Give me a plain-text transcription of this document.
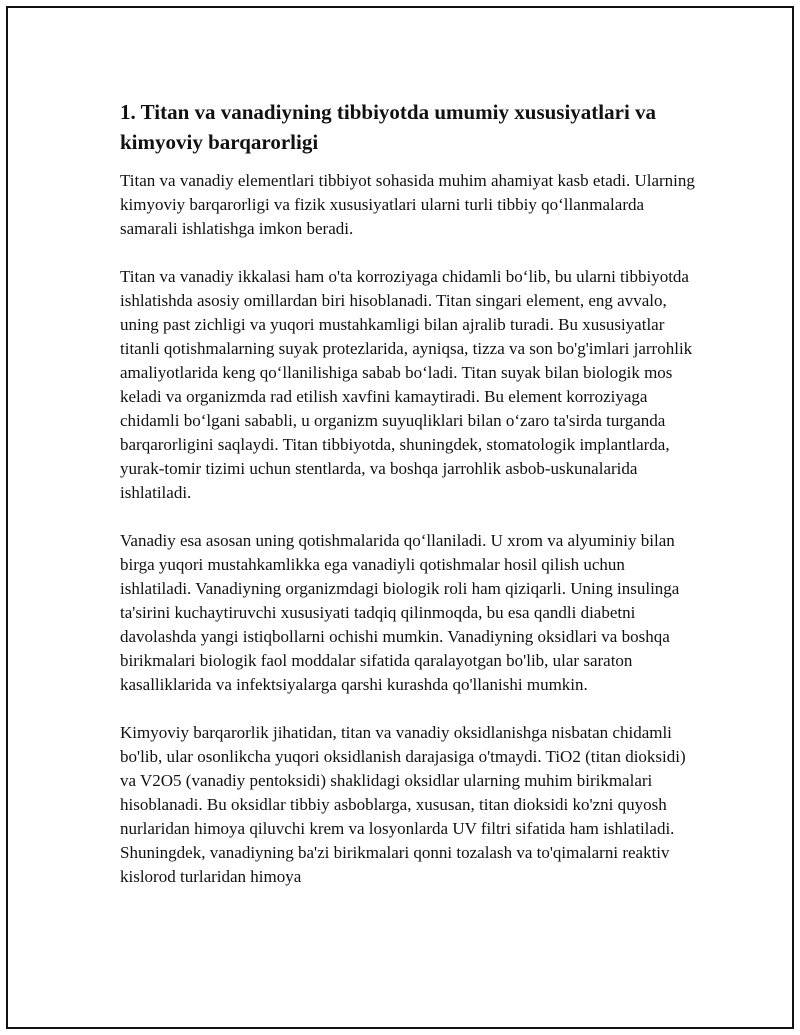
1. Titan va vanadiyning tibbiyotda umumiy xususiyatlari va kimyoviy barqarorligi

Titan va vanadiy elementlari tibbiyot sohasida muhim ahamiyat kasb etadi. Ularning kimyoviy barqarorligi va fizik xususiyatlari ularni turli tibbiy qo‘llanmalarda samarali ishlatishga imkon beradi.

Titan va vanadiy ikkalasi ham o'ta korroziyaga chidamli bo‘lib, bu ularni tibbiyotda ishlatishda asosiy omillardan biri hisoblanadi. Titan singari element, eng avvalo, uning past zichligi va yuqori mustahkamligi bilan ajralib turadi. Bu xususiyatlar titanli qotishmalarning suyak protezlarida, ayniqsa, tizza va son bo'g'imlari jarrohlik amaliyotlarida keng qo‘llanilishiga sabab bo‘ladi. Titan suyak bilan biologik mos keladi va organizmda rad etilish xavfini kamaytiradi. Bu element korroziyaga chidamli bo‘lgani sababli, u organizm suyuqliklari bilan o‘zaro ta'sirda turganda barqarorligini saqlaydi. Titan tibbiyotda, shuningdek, stomatologik implantlarda, yurak-tomir tizimi uchun stentlarda, va boshqa jarrohlik asbob-uskunalarida ishlatiladi.

Vanadiy esa asosan uning qotishmalarida qo‘llaniladi. U xrom va alyuminiy bilan birga yuqori mustahkamlikka ega vanadiyli qotishmalar hosil qilish uchun ishlatiladi. Vanadiyning organizmdagi biologik roli ham qiziqarli. Uning insulinga ta'sirini kuchaytiruvchi xususiyati tadqiq qilinmoqda, bu esa qandli diabetni davolashda yangi istiqbollarni ochishi mumkin. Vanadiyning oksidlari va boshqa birikmalari biologik faol moddalar sifatida qaralayotgan bo'lib, ular saraton kasalliklarida va infektsiyalarga qarshi kurashda qo'llanishi mumkin.

Kimyoviy barqarorlik jihatidan, titan va vanadiy oksidlanishga nisbatan chidamli bo'lib, ular osonlikcha yuqori oksidlanish darajasiga o'tmaydi. TiO2 (titan dioksidi) va V2O5 (vanadiy pentoksidi) shaklidagi oksidlar ularning muhim birikmalari hisoblanadi. Bu oksidlar tibbiy asboblarga, xususan, titan dioksidi ko'zni quyosh nurlaridan himoya qiluvchi krem va losyonlarda UV filtri sifatida ham ishlatiladi. Shuningdek, vanadiyning ba'zi birikmalari qonni tozalash va to'qimalarni reaktiv kislorod turlaridan himoya
